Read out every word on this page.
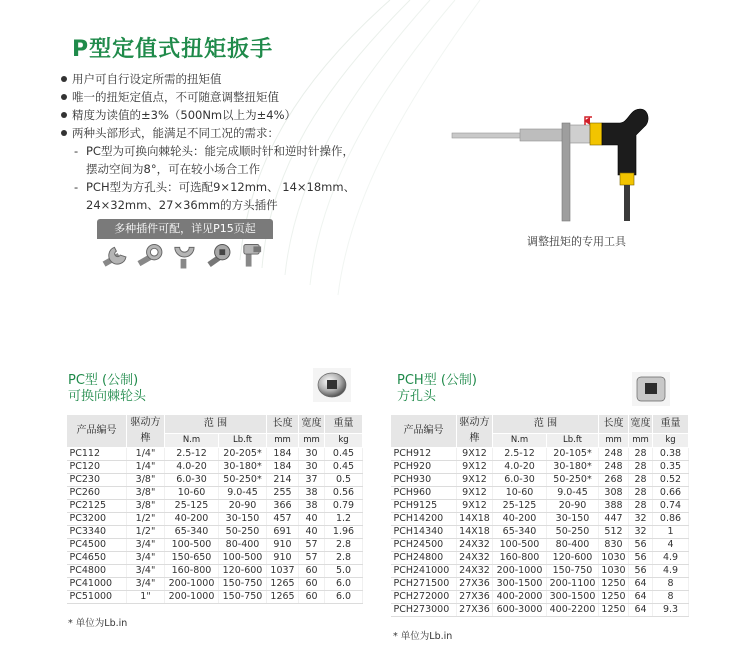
P型定值式扭矩扳手
用户可自行设定所需的扭矩值
唯一的扭矩定值点，不可随意调整扭矩值
精度为读值的±3%（500Nm以上为±4%）
两种头部形式，能满足不同工况的需求：
- PC型为可换向棘轮头：能完成顺时针和逆时针操作，
摆动空间为8°，可在较小场合工作
- PCH型为方孔头：可选配9×12mm、 14×18mm、
24×32mm、27×36mm的方头插件
多种插件可配，详见P15页起
调整扭矩的专用工具
PC型 (公制)
可换向棘轮头
产品编号	驱动方榫	范 围		长度	宽度	重量
		N.m	Lb.ft	mm	mm	kg
PC112	1/4"	2.5-12	20-205*	184	30	0.45
PC120	1/4"	4.0-20	30-180*	184	30	0.45
PC230	3/8"	6.0-30	50-250*	214	37	0.5
PC260	3/8"	10-60	9.0-45	255	38	0.56
PC2125	3/8"	25-125	20-90	366	38	0.79
PC3200	1/2"	40-200	30-150	457	40	1.2
PC3340	1/2"	65-340	50-250	691	40	1.96
PC4500	3/4"	100-500	80-400	910	57	2.8
PC4650	3/4"	150-650	100-500	910	57	2.8
PC4800	3/4"	160-800	120-600	1037	60	5.0
PC41000	3/4"	200-1000	150-750	1265	60	6.0
PC51000	1"	200-1000	150-750	1265	60	6.0
* 单位为Lb.in
PCH型 (公制)
方孔头
产品编号	驱动方榫	范 围		长度	宽度	重量
		N.m	Lb.ft	mm	mm	kg
PCH912	9X12	2.5-12	20-105*	248	28	0.38
PCH920	9X12	4.0-20	30-180*	248	28	0.35
PCH930	9X12	6.0-30	50-250*	268	28	0.52
PCH960	9X12	10-60	9.0-45	308	28	0.66
PCH9125	9X12	25-125	20-90	388	28	0.74
PCH14200	14X18	40-200	30-150	447	32	0.86
PCH14340	14X18	65-340	50-250	512	32	1
PCH24500	24X32	100-500	80-400	830	56	4
PCH24800	24X32	160-800	120-600	1030	56	4.9
PCH241000	24X32	200-1000	150-750	1030	56	4.9
PCH271500	27X36	300-1500	200-1100	1250	64	8
PCH272000	27X36	400-2000	300-1500	1250	64	8
PCH273000	27X36	600-3000	400-2200	1250	64	9.3
* 单位为Lb.in
